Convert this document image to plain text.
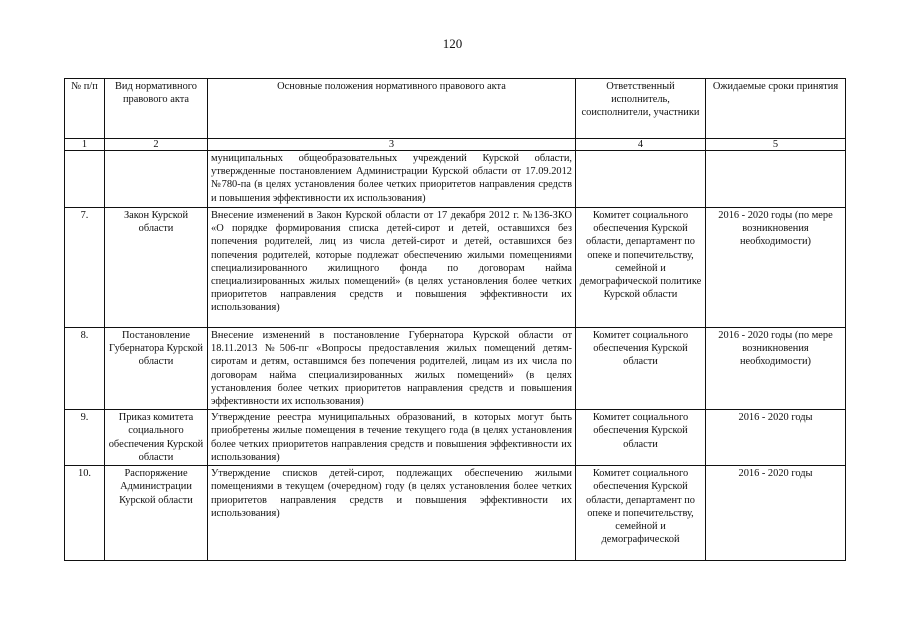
120
№ п/п	Вид нормативного правового акта	Основные положения нормативного правового акта	Ответственный исполнитель, соисполнители, участники	Ожидаемые сроки принятия
1	2	3	4	5
		муниципальных общеобразовательных учреждений Курской области, утвержденные постановлением Администрации Курской области от 17.09.2012 №780-па (в целях установления более четких приоритетов направления средств и повышения эффективности их использования)		
7.	Закон Курской области	Внесение изменений в Закон Курской области от 17 декабря 2012 г. №136-ЗКО «О порядке формирования списка детей-сирот и детей, оставшихся без попечения родителей, лиц из числа детей-сирот и детей, оставшихся без попечения родителей, которые подлежат обеспечению жилыми помещениями специализированного жилищного фонда по договорам найма специализированных жилых помещений» (в целях установления более четких приоритетов направления средств и повышения эффективности их использования)	Комитет социального обеспечения Курской области, департамент по опеке и попечительству, семейной и демографической политике Курской области	2016 - 2020 годы (по мере возникновения необходимости)
8.	Постановление Губернатора Курской области	Внесение изменений в постановление Губернатора Курской области от 18.11.2013 №506-пг «Вопросы предоставления жилых помещений детям-сиротам и детям, оставшимся без попечения родителей, лицам из их числа по договорам найма специализированных жилых помещений» (в целях установления более четких приоритетов направления средств и повышения эффективности их использования)	Комитет социального обеспечения Курской области	2016 - 2020 годы (по мере возникновения необходимости)
9.	Приказ комитета социального обеспечения Курской области	Утверждение реестра муниципальных образований, в которых могут быть приобретены жилые помещения в течение текущего года (в целях установления более четких приоритетов направления средств и повышения эффективности их использования)	Комитет социального обеспечения Курской области	2016 - 2020 годы
10.	Распоряжение Администрации Курской области	Утверждение списков детей-сирот, подлежащих обеспечению жилыми помещениями в текущем (очередном) году (в целях установления более четких приоритетов направления средств и повышения эффективности их использования)	Комитет социального обеспечения Курской области, департамент по опеке и попечительству, семейной и демографической	2016 - 2020 годы
